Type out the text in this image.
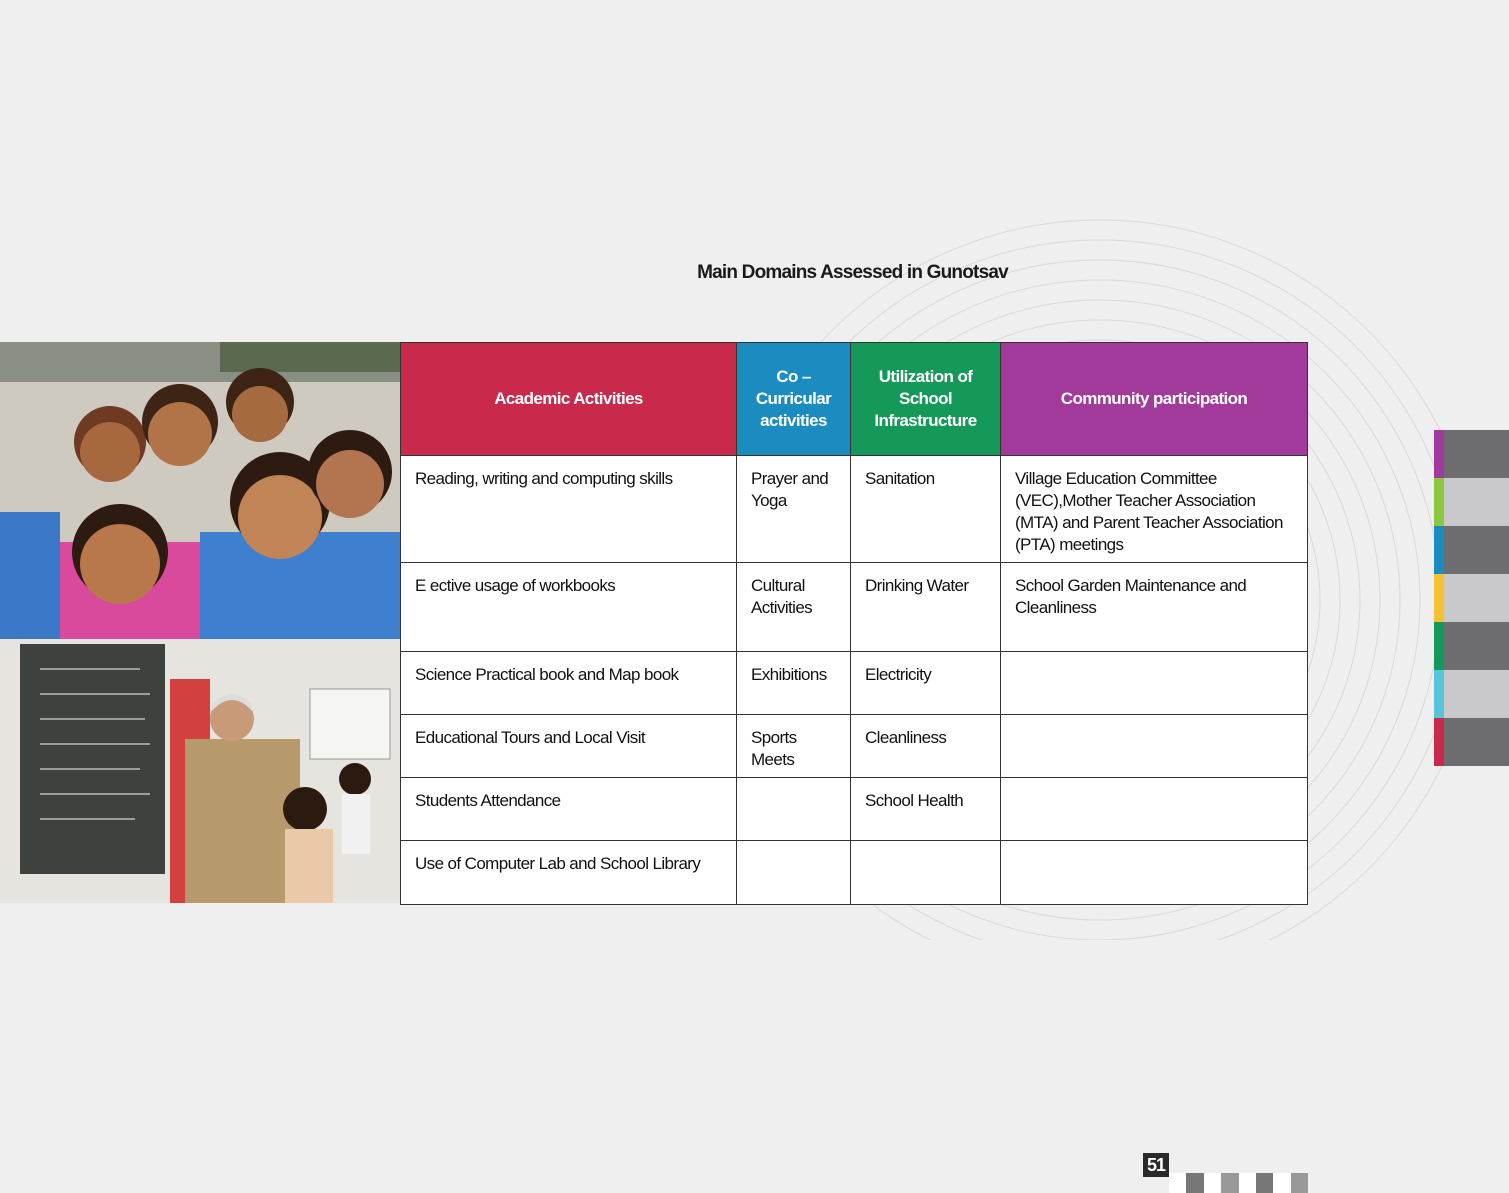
Main Domains Assessed in Gunotsav
Academic Activities	Co –Curricular activities	Utilization of School Infrastructure	Community participation
Reading, writing and computing skills	Prayer and Yoga	Sanitation	Village Education Committee (VEC),Mother Teacher Association (MTA) and Parent Teacher Association (PTA) meetings
E ective usage of workbooks	Cultural Activities	Drinking Water	School Garden Maintenance and Cleanliness
Science Practical book and Map book	Exhibitions	Electricity	
Educational Tours and Local Visit	Sports Meets	Cleanliness	
Students Attendance		School Health	
Use of Computer Lab and School Library			
51
